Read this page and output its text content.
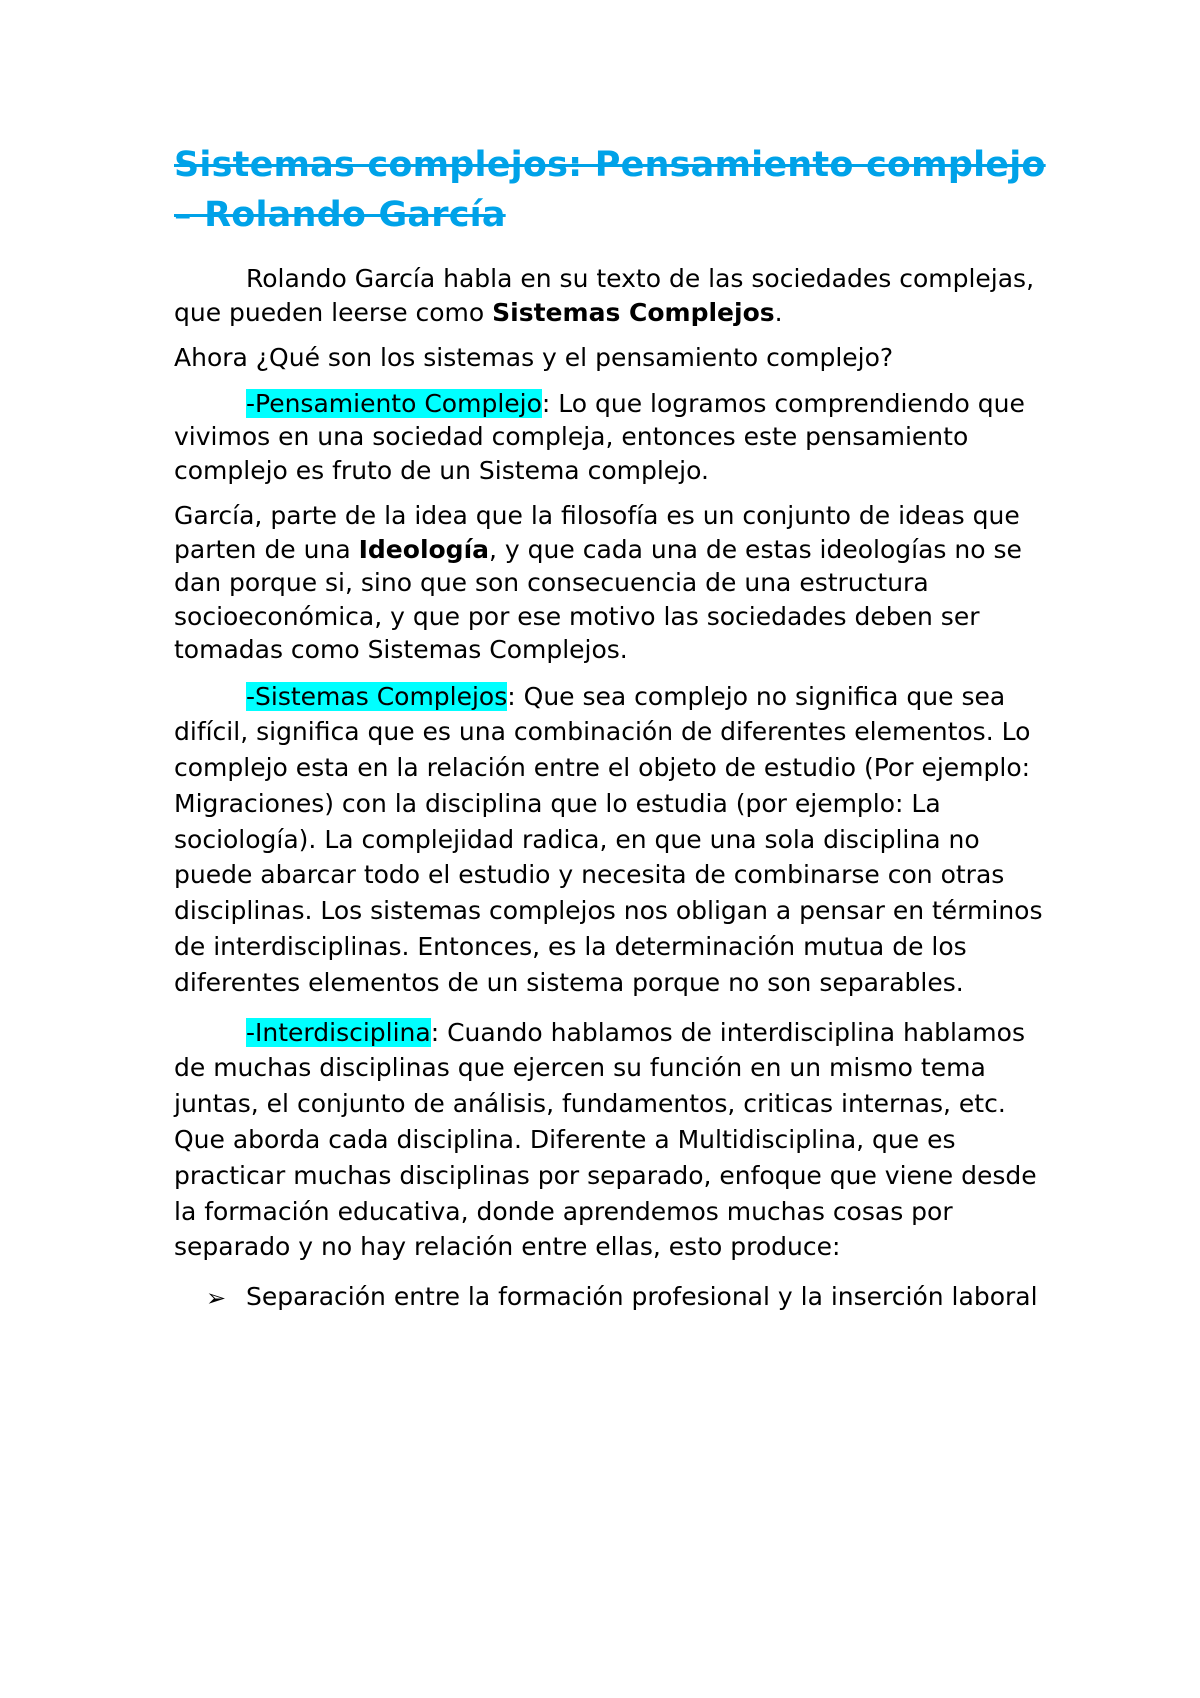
Sistemas complejos: Pensamiento complejo – Rolando García

Rolando García habla en su texto de las sociedades complejas, que pueden leerse como Sistemas Complejos.

Ahora ¿Qué son los sistemas y el pensamiento complejo?

-Pensamiento Complejo: Lo que logramos comprendiendo que vivimos en una sociedad compleja, entonces este pensamiento complejo es fruto de un Sistema complejo.

García, parte de la idea que la filosofía es un conjunto de ideas que parten de una Ideología, y que cada una de estas ideologías no se dan porque si, sino que son consecuencia de una estructura socioeconómica, y que por ese motivo las sociedades deben ser tomadas como Sistemas Complejos.

-Sistemas Complejos: Que sea complejo no significa que sea difícil, significa que es una combinación de diferentes elementos. Lo complejo esta en la relación entre el objeto de estudio (Por ejemplo: Migraciones) con la disciplina que lo estudia (por ejemplo: La sociología). La complejidad radica, en que una sola disciplina no puede abarcar todo el estudio y necesita de combinarse con otras disciplinas. Los sistemas complejos nos obligan a pensar en términos de interdisciplinas. Entonces, es la determinación mutua de los diferentes elementos de un sistema porque no son separables.

-Interdisciplina: Cuando hablamos de interdisciplina hablamos de muchas disciplinas que ejercen su función en un mismo tema juntas, el conjunto de análisis, fundamentos, criticas internas, etc. Que aborda cada disciplina. Diferente a Multidisciplina, que es practicar muchas disciplinas por separado, enfoque que viene desde la formación educativa, donde aprendemos muchas cosas por separado y no hay relación entre ellas, esto produce:

➢ Separación entre la formación profesional y la inserción laboral
